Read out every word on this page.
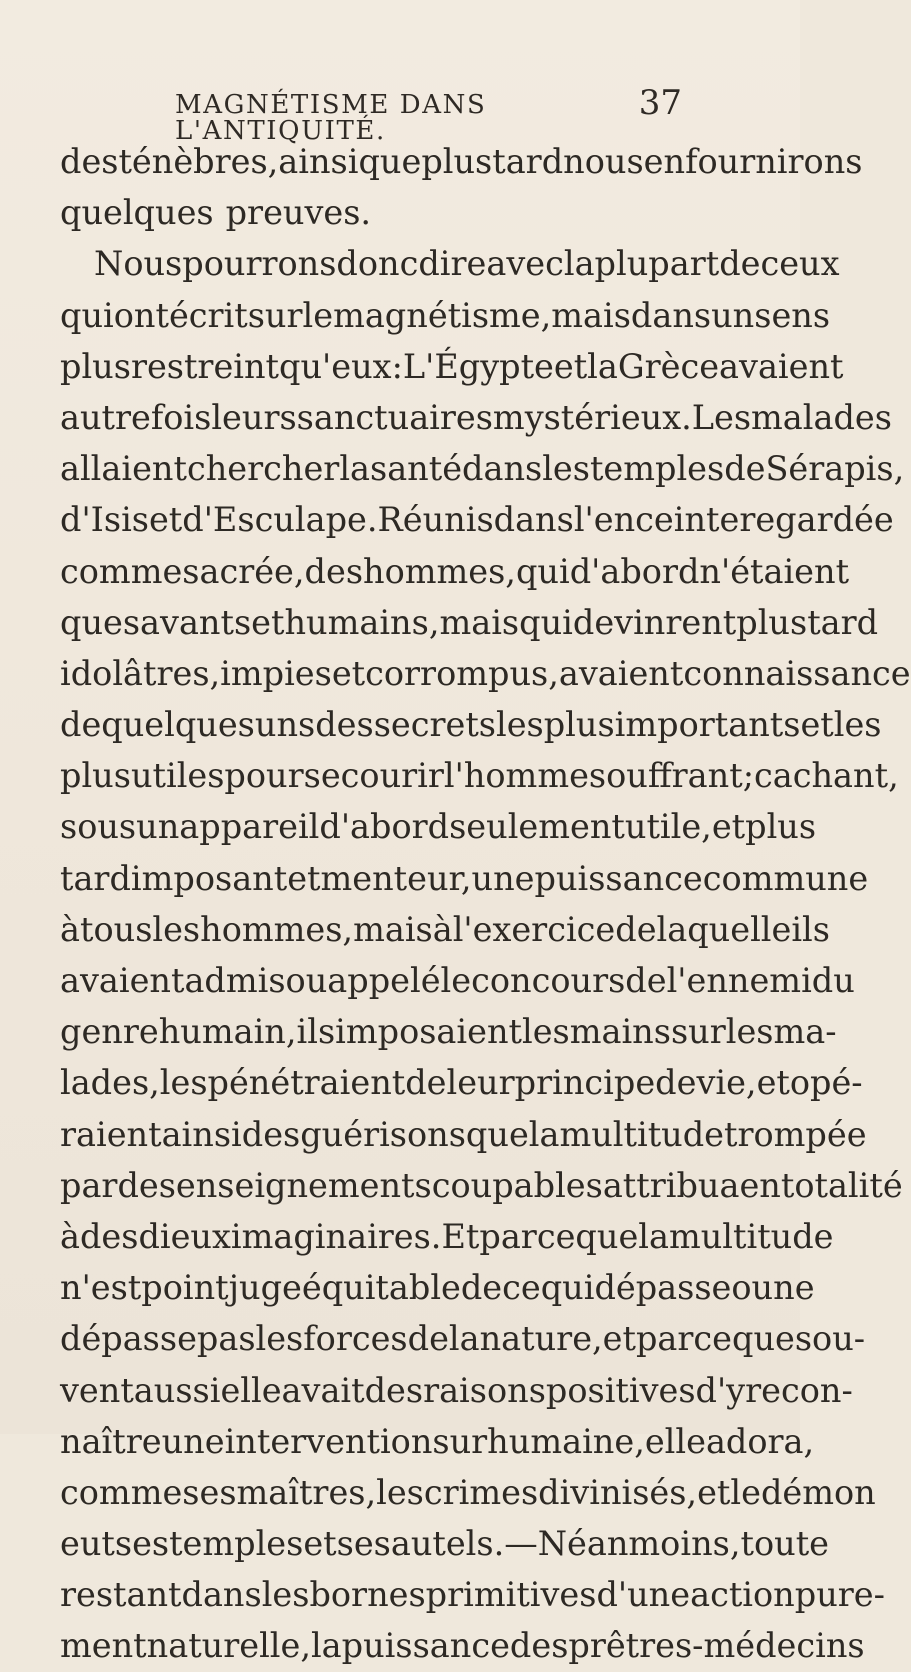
MAGNÉTISME DANS L'ANTIQUITÉ.
37
des ténèbres, ainsi que plus tard nous en fournirons
quelques preuves.
Nous pourrons donc dire avec la plupart de ceux
qui ont écrit sur le magnétisme, mais dans un sens
plus restreint qu'eux : L'Égypte et la Grèce avaient
autrefois leurs sanctuaires mystérieux. Les malades
allaient chercher la santé dans les temples de Sérapis,
d'Isis et d'Esculape. Réunis dans l'enceinte regardée
comme sacrée, des hommes, qui d'abord n'étaient
que savants et humains, mais qui devinrent plus tard
idolâtres, impies et corrompus, avaient connaissance
de quelques uns des secrets les plus importants et les
plus utiles pour secourir l'homme souffrant ; cachant,
sous un appareil d'abord seulement utile, et plus
tard imposant et menteur, une puissance commune
à tous les hommes, mais à l'exercice de laquelle ils
avaient admis ou appelé le concours de l'ennemi du
genre humain, ils imposaient les mains sur les ma-
lades, les pénétraient de leur principe de vie, et opé-
raient ainsi des guérisons que la multitude trompée
par des enseignements coupables attribua en totalité
à des dieux imaginaires. Et parce que la multitude
n'est point juge équitable de ce qui dépasse ou ne
dépasse pas les forces de la nature, et parce que sou-
vent aussi elle avait des raisons positives d'y recon-
naître une intervention surhumaine, elle adora,
comme ses maîtres, les crimes divinisés, et le démon
eut ses temples et ses autels. — Néanmoins, tout e
restant dans les bornes primitives d'une action pure-
ment naturelle, la puissance des prêtres-médecins
